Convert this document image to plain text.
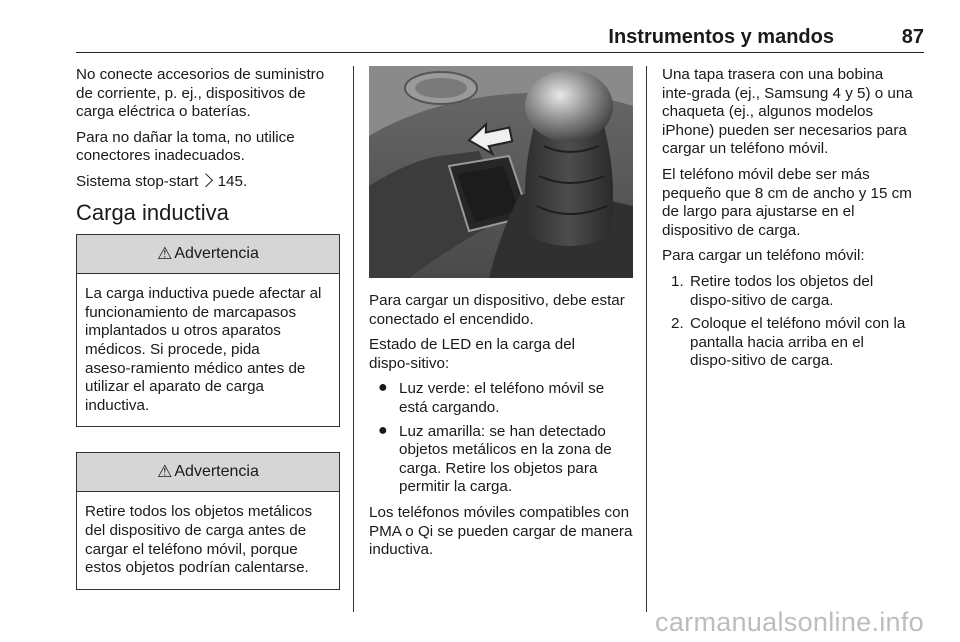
Instrumentos y mandos	87

No conecte accesorios de suministro de corriente, p. ej., dispositivos de carga eléctrica o baterías.

Para no dañar la toma, no utilice conectores inadecuados.

Sistema stop-start 145.

Carga inductiva
⚠ Advertencia
La carga inductiva puede afectar al funcionamiento de marcapasos implantados u otros aparatos médicos. Si procede, pida aseso‑ramiento médico antes de utilizar el aparato de carga inductiva.
⚠ Advertencia
Retire todos los objetos metálicos del dispositivo de carga antes de cargar el teléfono móvil, porque estos objetos podrían calentarse.

Para cargar un dispositivo, debe estar conectado el encendido.

Estado de LED en la carga del dispo‑sitivo:

● Luz verde: el teléfono móvil se está cargando.
● Luz amarilla: se han detectado objetos metálicos en la zona de carga. Retire los objetos para permitir la carga.

Los teléfonos móviles compatibles con PMA o Qi se pueden cargar de manera inductiva.

Una tapa trasera con una bobina inte‑grada (ej., Samsung 4 y 5) o una chaqueta (ej., algunos modelos iPhone) pueden ser necesarios para cargar un teléfono móvil.

El teléfono móvil debe ser más pequeño que 8 cm de ancho y 15 cm de largo para ajustarse en el dispositivo de carga.

Para cargar un teléfono móvil:

1. Retire todos los objetos del dispo‑sitivo de carga.
2. Coloque el teléfono móvil con la pantalla hacia arriba en el dispo‑sitivo de carga.
carmanualsonline.info
